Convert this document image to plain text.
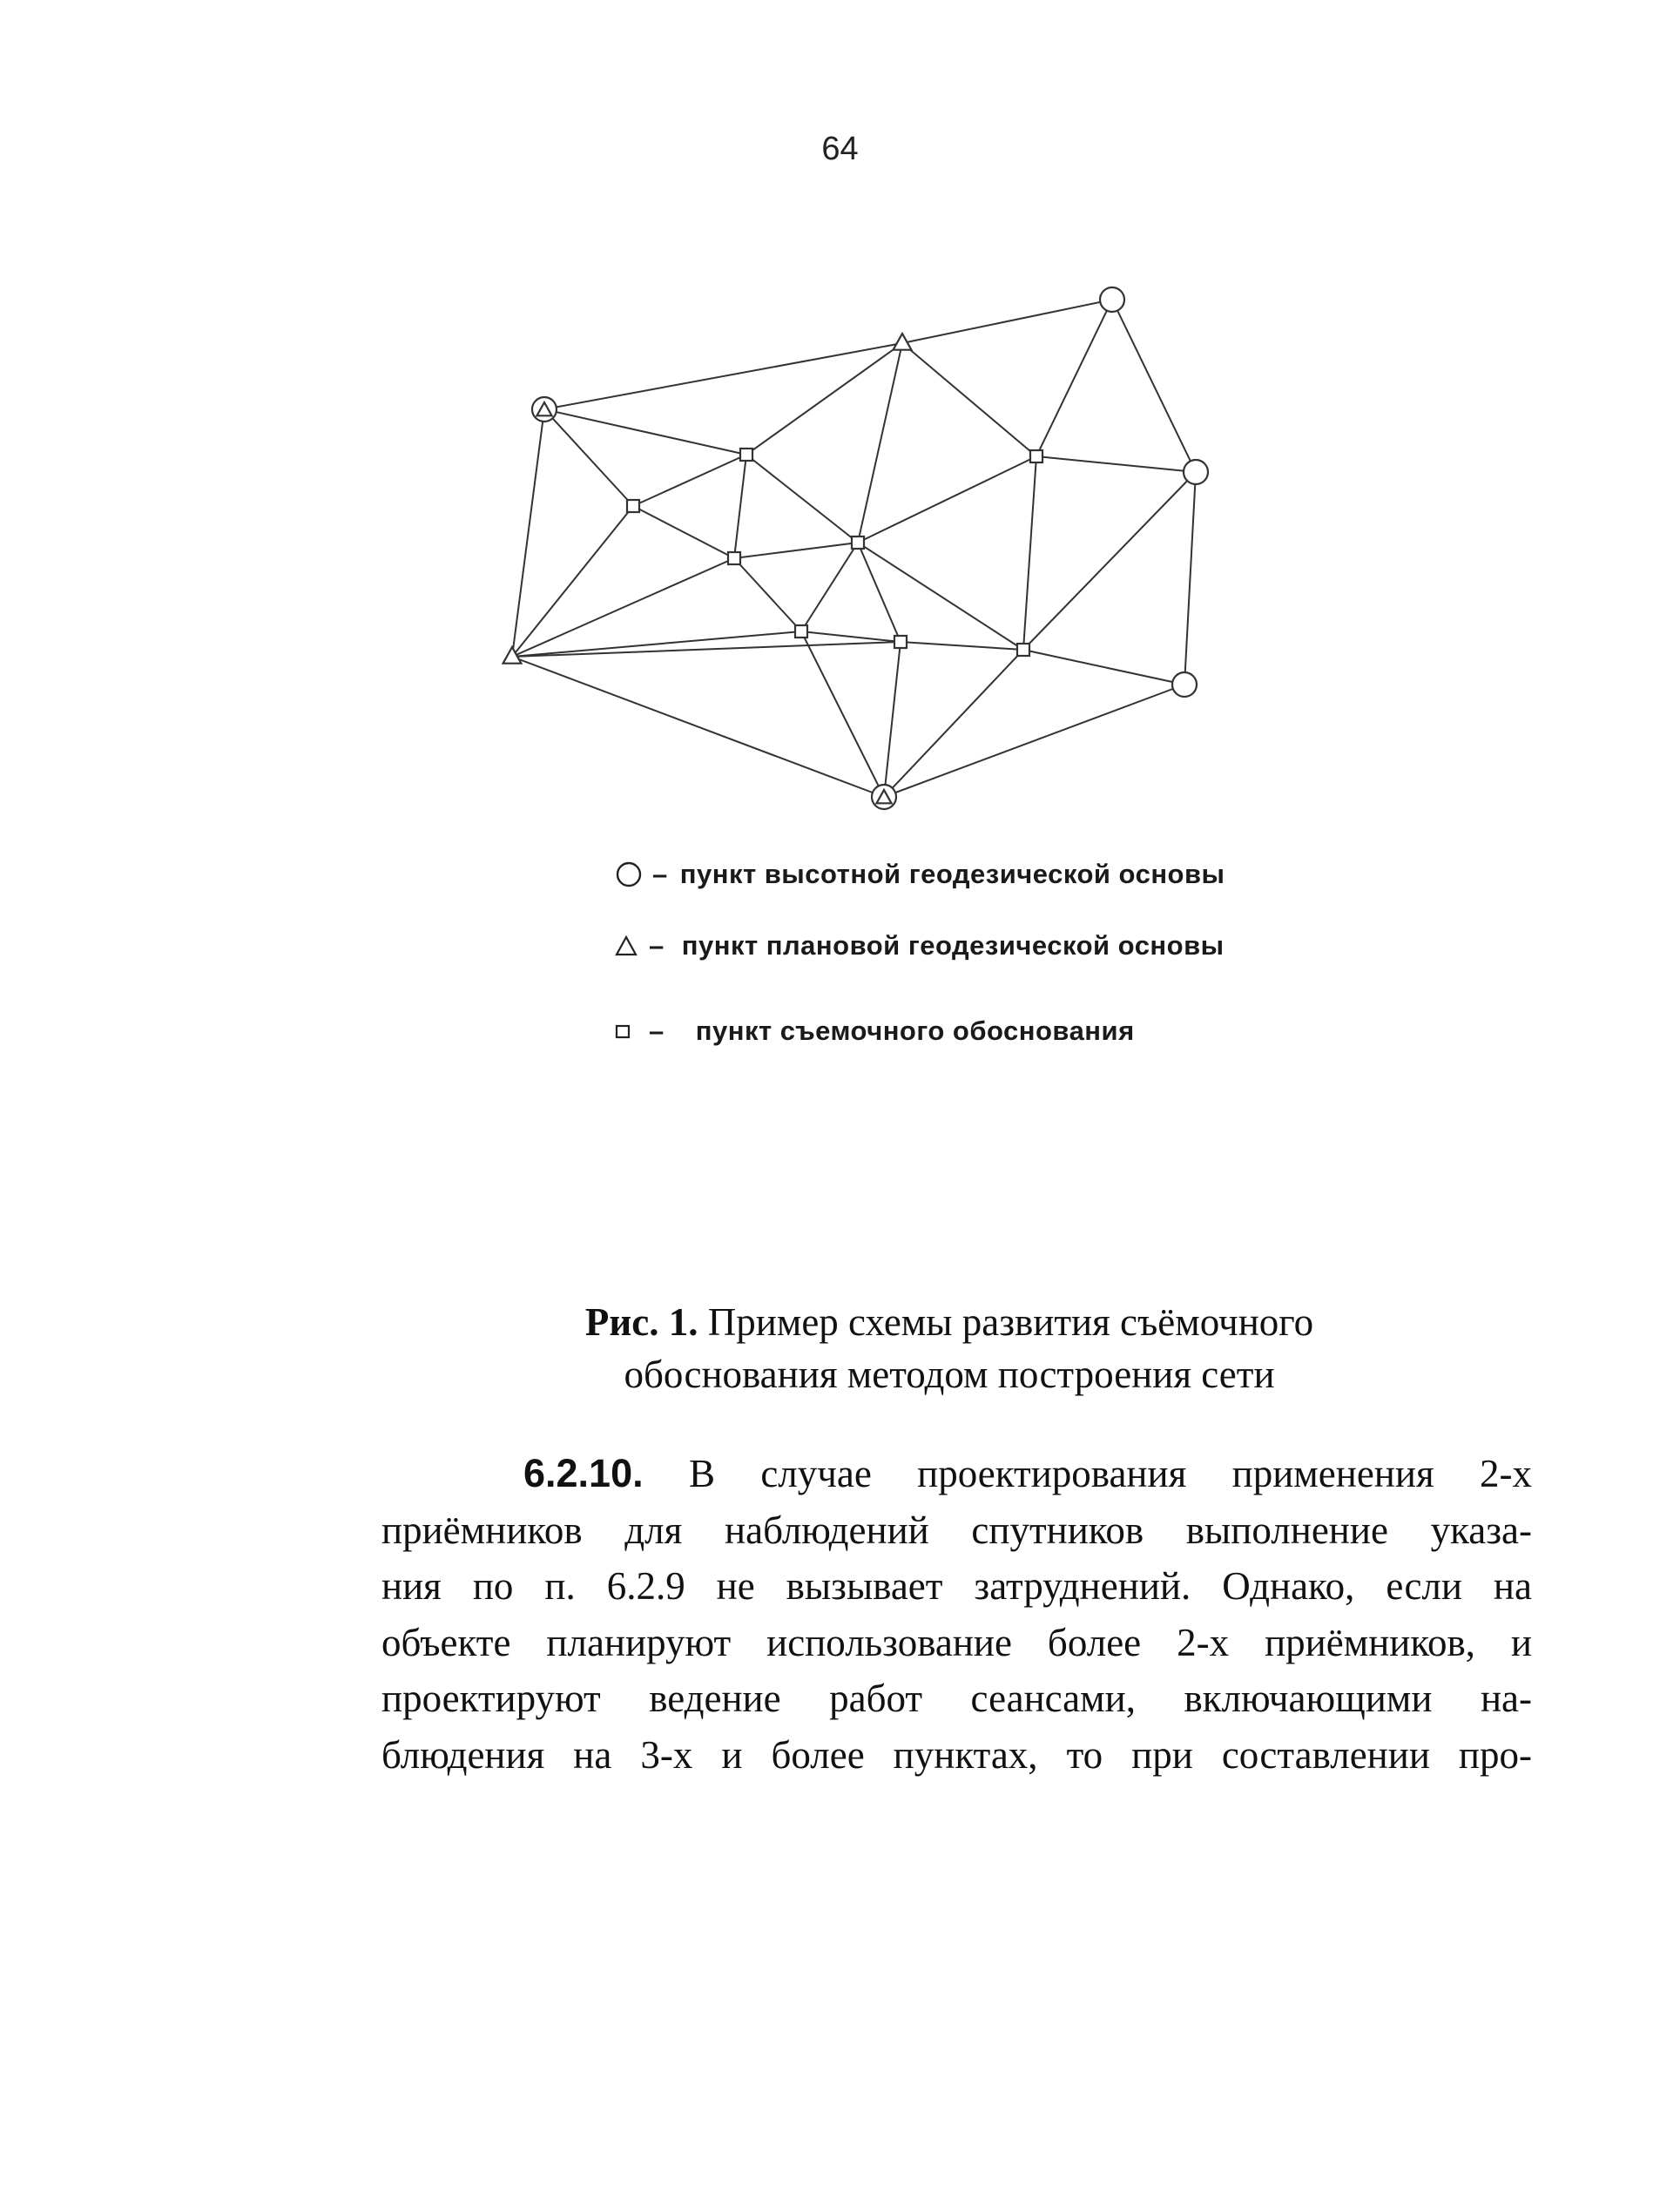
64
– пункт высотной геодезической основы
– пункт плановой геодезической основы
– пункт съемочного обоснования
Рис. 1. Пример схемы развития съёмочного
обоснования методом построения сети
6.2.10. В случае проектирования применения 2-х
приёмников для наблюдений спутников выполнение указа-
ния по п. 6.2.9 не вызывает затруднений. Однако, если на
объекте планируют использование более 2-х приёмников, и
проектируют ведение работ сеансами, включающими на-
блюдения на 3-х и более пунктах, то при составлении про-
